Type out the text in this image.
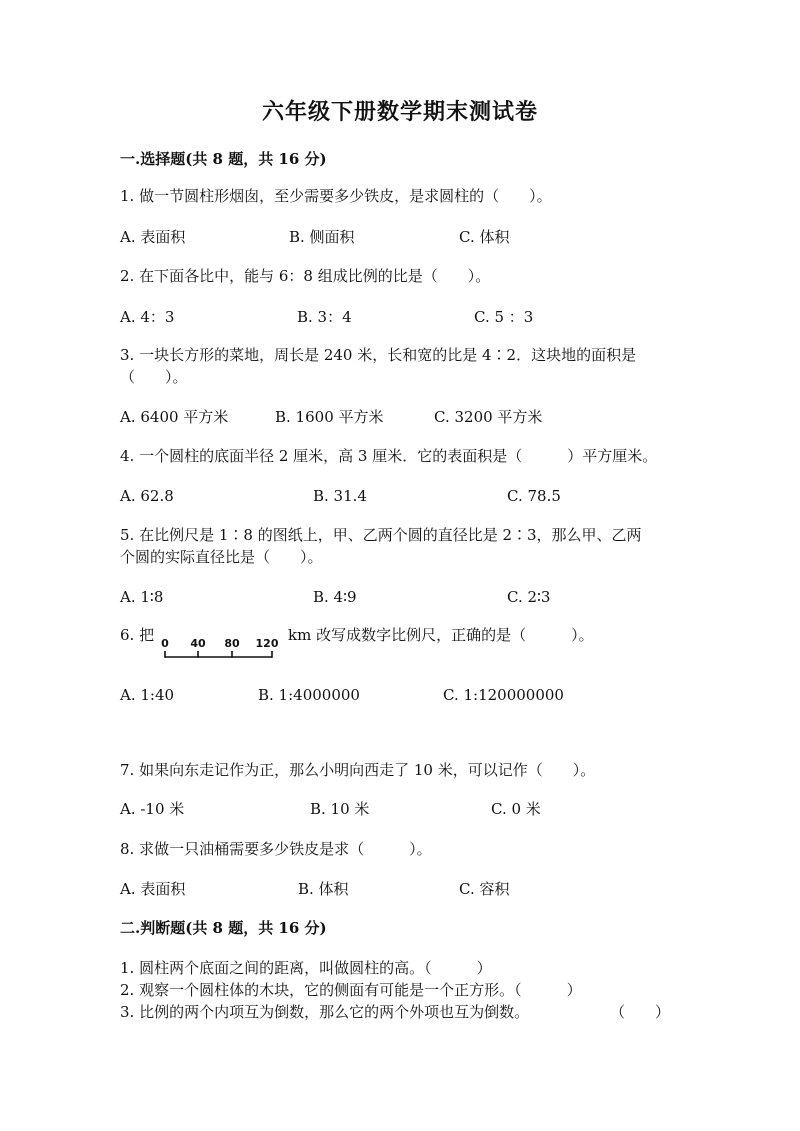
六年级下册数学期末测试卷
一.选择题(共 8 题，共 16 分)
1. 做一节圆柱形烟囱，至少需要多少铁皮，是求圆柱的（　　）。
A. 表面积	B. 侧面积	C. 体积
2. 在下面各比中，能与 6：8 组成比例的比是（　　）。
A. 4：3	B. 3：4	C. 5 ：3
3. 一块长方形的菜地，周长是 240 米，长和宽的比是 4∶2．这块地的面积是
（　　）。
A. 6400 平方米	B. 1600 平方米	C. 3200 平方米
4. 一个圆柱的底面半径 2 厘米，高 3 厘米．它的表面积是（　　　）平方厘米。
A. 62.8	B. 31.4	C. 78.5
5. 在比例尺是 1∶8 的图纸上，甲、乙两个圆的直径比是 2∶3，那么甲、乙两
个圆的实际直径比是（　　）。
A. 1∶8	B. 4∶9	C. 2∶3
6. 把 0 40 80 120 km 改写成数字比例尺，正确的是（　　　）。
A. 1:40	B. 1:4000000	C. 1:120000000
7. 如果向东走记作为正，那么小明向西走了 10 米，可以记作（　　）。
A. -10 米	B. 10 米	C. 0 米
8. 求做一只油桶需要多少铁皮是求（　　　）。
A. 表面积	B. 体积	C. 容积
二.判断题(共 8 题，共 16 分)
1. 圆柱两个底面之间的距离，叫做圆柱的高。（　　　）
2. 观察一个圆柱体的木块，它的侧面有可能是一个正方形。（　　　）
3. 比例的两个内项互为倒数，那么它的两个外项也互为倒数。	（　　）
